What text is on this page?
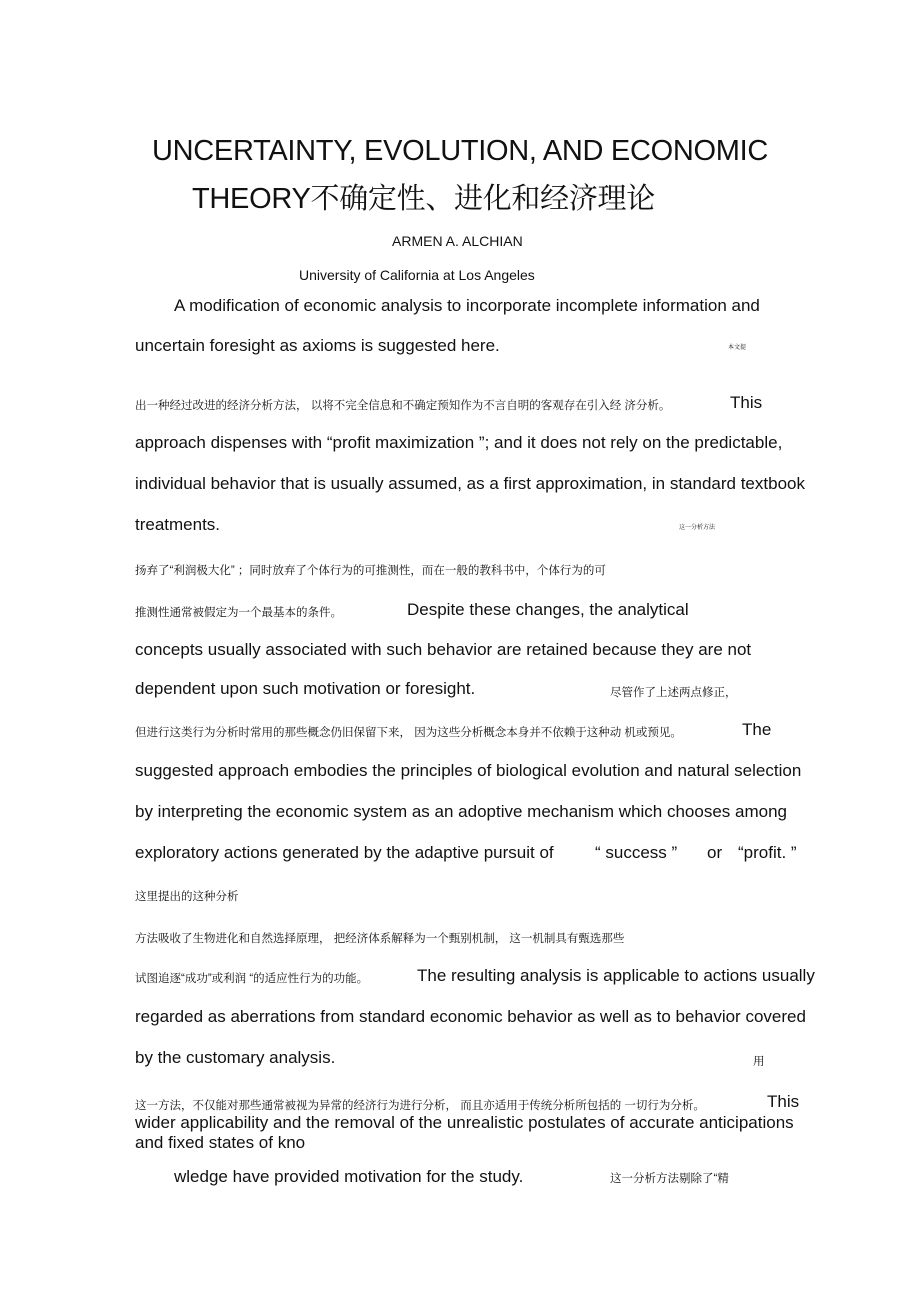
UNCERTAINTY, EVOLUTION, AND ECONOMIC
THEORY不确定性、进化和经济理论
ARMEN A. ALCHIAN
University of California at Los Angeles
A modification of economic analysis to incorporate incomplete information and
uncertain foresight as axioms is suggested here.	本文提
出一种经过改进的经济分析方法， 以将不完全信息和不确定预知作为不言自明的客观存在引入经 济分析。	This
approach dispenses with “profit maximization ”; and it does not rely on the predictable,
individual behavior that is usually assumed, as a first approximation, in standard textbook
treatments.	这一分析方法
扬弃了“利润极大化” ；同时放弃了个体行为的可推测性，而在一般的教科书中，个体行为的可
推测性通常被假定为一个最基本的条件。	Despite these changes, the analytical
concepts usually associated with such behavior are retained because they are not
dependent upon such motivation or foresight.	尽管作了上述两点修正，
但进行这类行为分析时常用的那些概念仍旧保留下来， 因为这些分析概念本身并不依赖于这种动 机或预见。	The
suggested approach embodies the principles of biological evolution and natural selection
by interpreting the economic system as an adoptive mechanism which chooses among
exploratory actions generated by the adaptive pursuit of “ success ” or “profit. ”
这里提出的这种分析
方法吸收了生物进化和自然选择原理， 把经济体系解释为一个甄别机制， 这一机制具有甄选那些
试图追逐“成功”或利润 “的适应性行为的功能。	The resulting analysis is applicable to actions usually
regarded as aberrations from standard economic behavior as well as to behavior covered
by the customary analysis.	用
这一方法，不仅能对那些通常被视为异常的经济行为进行分析， 而且亦适用于传统分析所包括的 一切行为分析。	This
wider applicability and the removal of the unrealistic postulates of accurate anticipations
and fixed states of kno
wledge have provided motivation for the study.	这一分析方法剔除了“精
